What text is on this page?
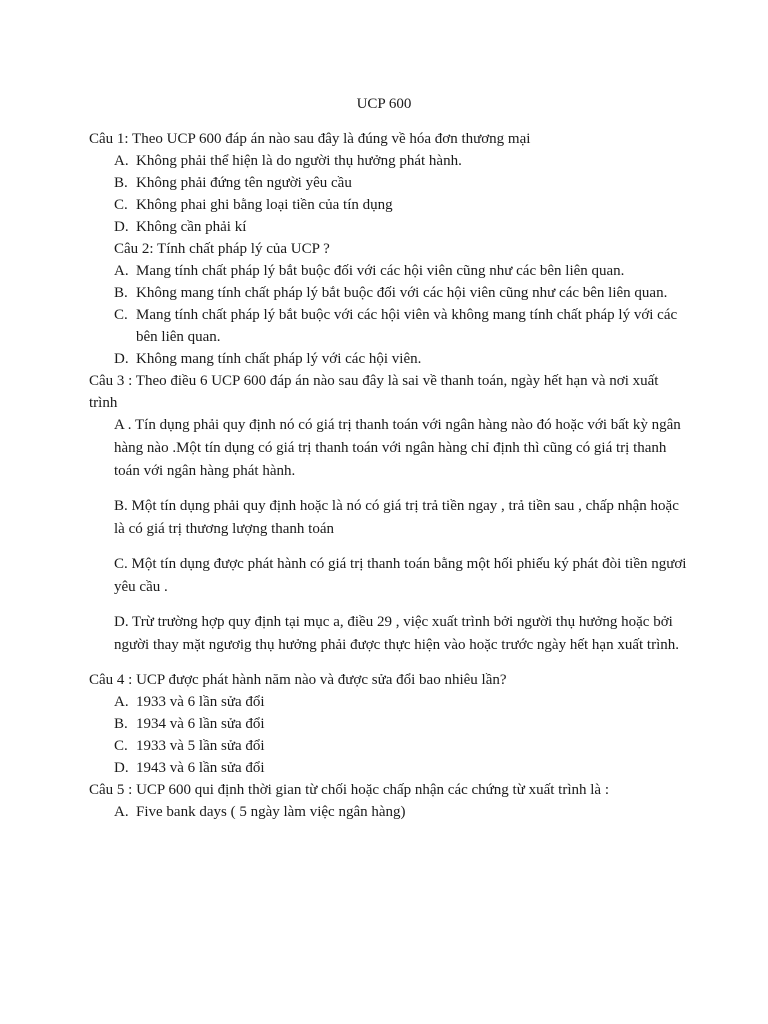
UCP 600
Câu 1: Theo UCP 600 đáp án nào sau đây là đúng về hóa đơn thương mại
A. Không phải thể hiện là do người thụ hưởng phát hành.
B. Không phải đứng tên người yêu cầu
C. Không phai ghi bằng loại tiền của tín dụng
D. Không cần phải kí
Câu 2: Tính chất pháp lý của UCP ?
A. Mang tính chất pháp lý bắt buộc đối với các hội viên cũng như các bên liên quan.
B. Không mang tính chất pháp lý bắt buộc đối với các hội viên cũng như các bên liên quan.
C. Mang tính chất pháp lý bắt buộc với các hội viên và không mang tính chất pháp lý với các bên liên quan.
D. Không mang tính chất pháp lý với các hội viên.
Câu 3 : Theo điều 6 UCP 600 đáp án nào sau đây là sai về thanh toán, ngày hết hạn và nơi xuất trình
A . Tín dụng phải quy định nó có giá trị thanh toán với ngân hàng nào đó hoặc với bất kỳ ngân hàng nào .Một tín dụng có giá trị thanh toán với ngân hàng chỉ định thì cũng có giá trị thanh toán với ngân hàng phát hành.
B. Một tín dụng phải quy định hoặc là nó có giá trị trả tiền ngay , trả tiền sau , chấp nhận hoặc là có giá trị thương lượng thanh toán
C. Một tín dụng được phát hành có giá trị thanh toán bằng một hối phiếu ký phát đòi tiền ngươi yêu cầu .
D. Trừ trường hợp quy định tại mục a, điều 29 , việc xuất trình bởi người thụ hưởng hoặc bởi người thay mặt ngươig thụ hưởng phải được thực hiện vào hoặc trước ngày hết hạn xuất trình.
Câu 4 : UCP được phát hành năm nào và được sửa đổi bao nhiêu lần?
A. 1933 và 6 lần sửa đổi
B. 1934 và 6 lần sửa đổi
C. 1933 và 5 lần sửa đổi
D. 1943 và 6 lần sửa đổi
Câu 5 : UCP 600 qui định thời gian từ chối hoặc chấp nhận các chứng từ xuất trình là :
A. Five bank days ( 5 ngày làm việc ngân hàng)
